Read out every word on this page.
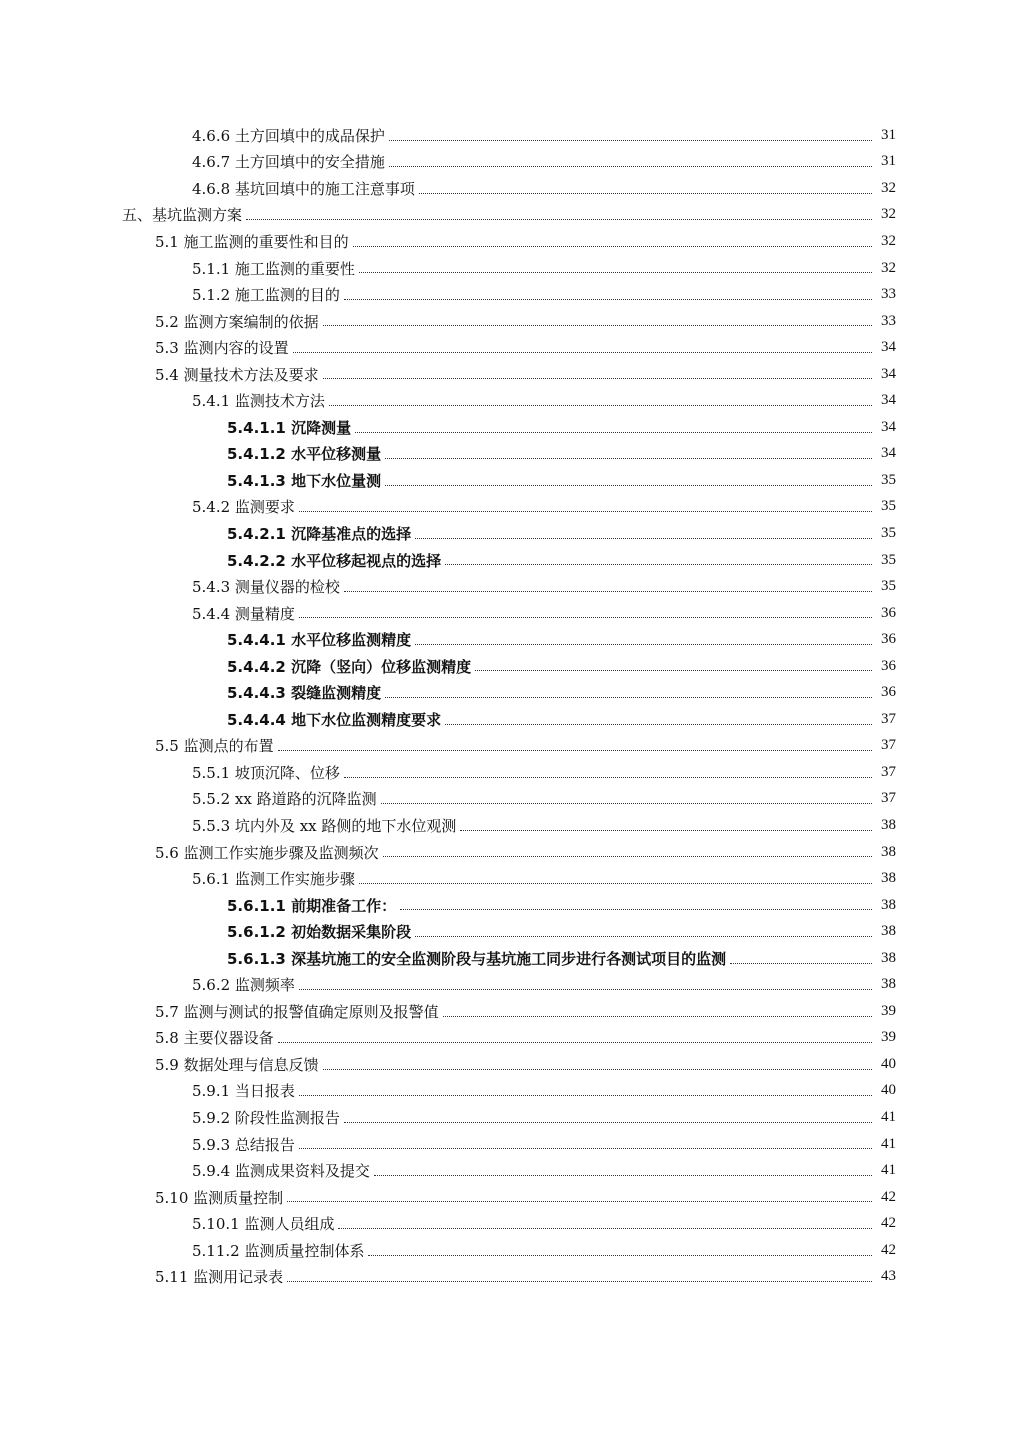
4.6.6 土方回填中的成品保护	31
4.6.7 土方回填中的安全措施	31
4.6.8 基坑回填中的施工注意事项	32
五、基坑监测方案	32
5.1 施工监测的重要性和目的	32
5.1.1 施工监测的重要性	32
5.1.2 施工监测的目的	33
5.2 监测方案编制的依据	33
5.3 监测内容的设置	34
5.4 测量技术方法及要求	34
5.4.1 监测技术方法	34
5.4.1.1 沉降测量	34
5.4.1.2 水平位移测量	34
5.4.1.3 地下水位量测	35
5.4.2 监测要求	35
5.4.2.1 沉降基准点的选择	35
5.4.2.2 水平位移起视点的选择	35
5.4.3 测量仪器的检校	35
5.4.4 测量精度	36
5.4.4.1 水平位移监测精度	36
5.4.4.2 沉降（竖向）位移监测精度	36
5.4.4.3 裂缝监测精度	36
5.4.4.4 地下水位监测精度要求	37
5.5 监测点的布置	37
5.5.1 坡顶沉降、位移	37
5.5.2 xx 路道路的沉降监测	37
5.5.3 坑内外及 xx 路侧的地下水位观测	38
5.6 监测工作实施步骤及监测频次	38
5.6.1 监测工作实施步骤	38
5.6.1.1 前期准备工作：	38
5.6.1.2 初始数据采集阶段	38
5.6.1.3 深基坑施工的安全监测阶段与基坑施工同步进行各测试项目的监测	38
5.6.2 监测频率	38
5.7 监测与测试的报警值确定原则及报警值	39
5.8 主要仪器设备	39
5.9 数据处理与信息反馈	40
5.9.1 当日报表	40
5.9.2 阶段性监测报告	41
5.9.3 总结报告	41
5.9.4 监测成果资料及提交	41
5.10 监测质量控制	42
5.10.1 监测人员组成	42
5.11.2 监测质量控制体系	42
5.11 监测用记录表	43
